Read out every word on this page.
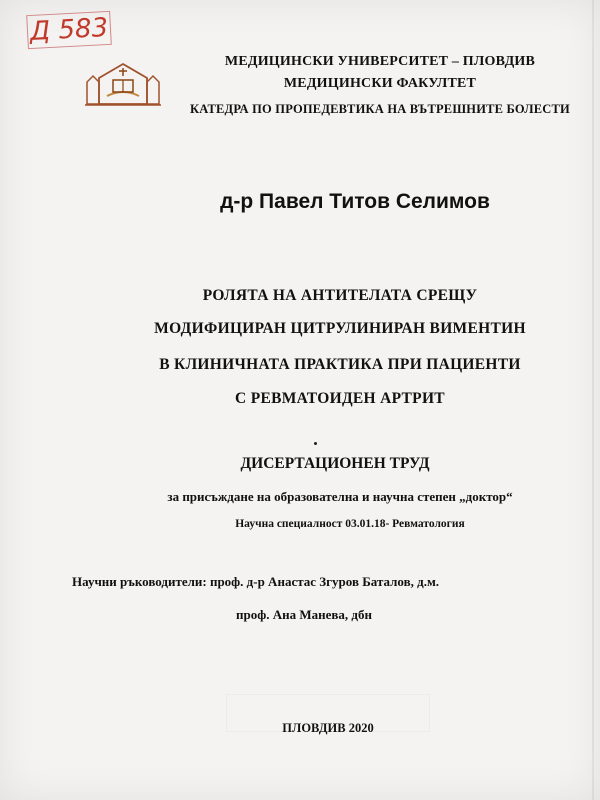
Д 583
МЕДИЦИНСКИ УНИВЕРСИТЕТ – ПЛОВДИВ
МЕДИЦИНСКИ ФАКУЛТЕТ
КАТЕДРА ПО ПРОПЕДЕВТИКА НА ВЪТРЕШНИТЕ БОЛЕСТИ
д-р Павел Титов Селимов
РОЛЯТА НА АНТИТЕЛАТА СРЕЩУ
МОДИФИЦИРАН ЦИТРУЛИНИРАН ВИМЕНТИН
В КЛИНИЧНАТА ПРАКТИКА ПРИ ПАЦИЕНТИ
С РЕВМАТОИДЕН АРТРИТ
ДИСЕРТАЦИОНЕН ТРУД
за присъждане на образователна и научна степен „доктор“
Научна специалност 03.01.18- Ревматология
Научни ръководители: проф. д-р Анастас Згуров Баталов, д.м.
проф. Ана Манева, дбн
ПЛОВДИВ 2020
